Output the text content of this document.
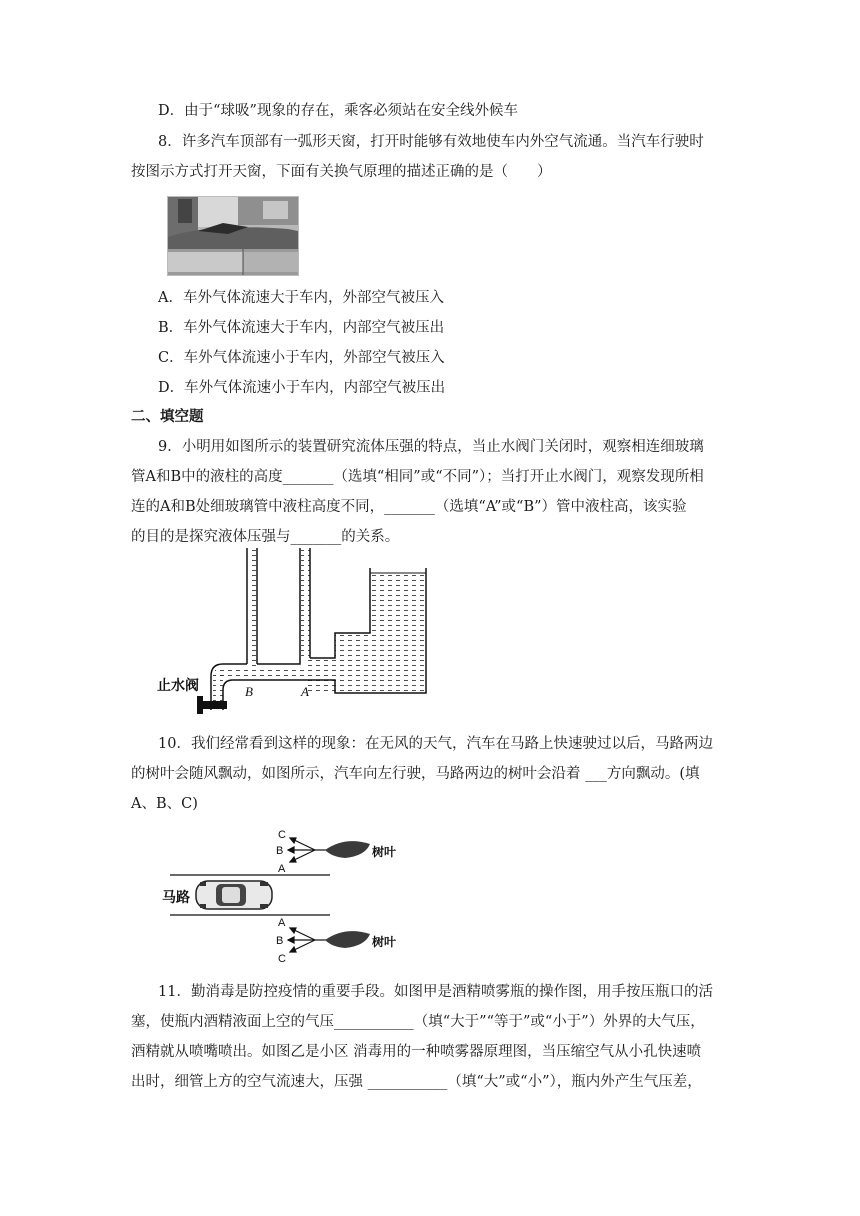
D．由于“球吸”现象的存在，乘客必须站在安全线外候车
8．许多汽车顶部有一弧形天窗，打开时能够有效地使车内外空气流通。当汽车行驶时
按图示方式打开天窗，下面有关换气原理的描述正确的是（　　）
A．车外气体流速大于车内，外部空气被压入
B．车外气体流速大于车内，内部空气被压出
C．车外气体流速小于车内，外部空气被压入
D．车外气体流速小于车内，内部空气被压出
二、填空题
9．小明用如图所示的装置研究流体压强的特点，当止水阀门关闭时，观察相连细玻璃
管A和B中的液柱的高度_______（选填“相同”或“不同”）；当打开止水阀门，观察发现所相
连的A和B处细玻璃管中液柱高度不同，_______（选填“A”或“B”）管中液柱高，该实验
的目的是探究液体压强与_______的关系。
止水阀	B	A
10．我们经常看到这样的现象：在无风的天气，汽车在马路上快速驶过以后，马路两边
的树叶会随风飘动，如图所示，汽车向左行驶，马路两边的树叶会沿着 ___方向飘动。(填
A、B、C)
马路
C
B
A
树叶
A
B
C
树叶
11．勤消毒是防控疫情的重要手段。如图甲是酒精喷雾瓶的操作图，用手按压瓶口的活
塞，使瓶内酒精液面上空的气压___________（填“大于”“等于”或“小于”）外界的大气压，
酒精就从喷嘴喷出。如图乙是小区 消毒用的一种喷雾器原理图，当压缩空气从小孔快速喷
出时，细管上方的空气流速大，压强 ___________（填“大”或“小”），瓶内外产生气压差，
